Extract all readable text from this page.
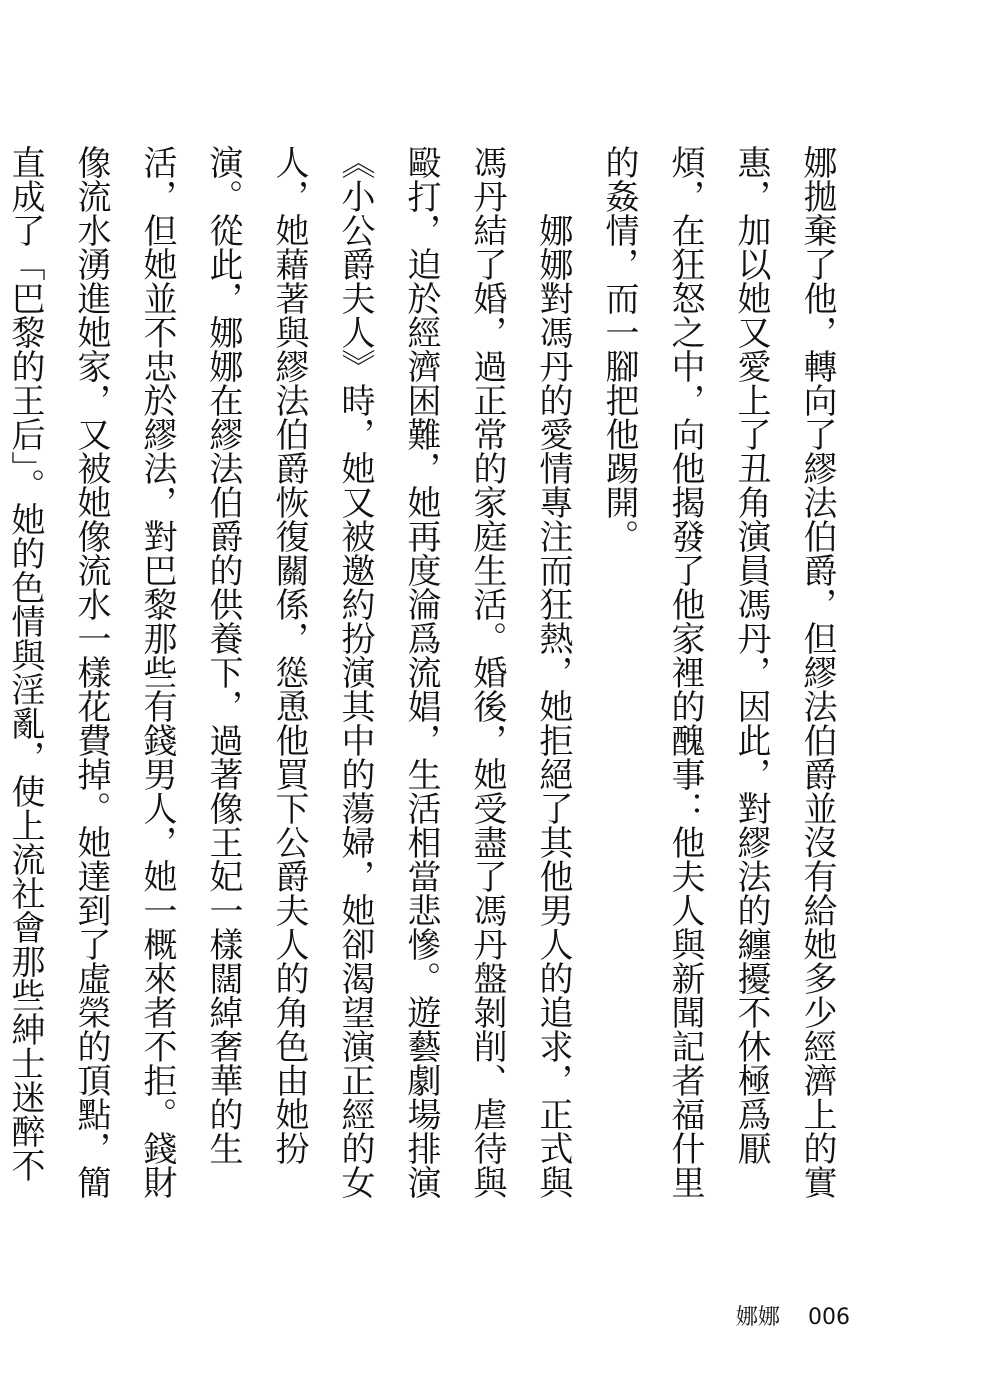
娜拋棄了他，轉向了繆法伯爵，但繆法伯爵並沒有給她多少經濟上的實惠，加以她又愛上了丑角演員馮丹，因此，對繆法的纏擾不休極爲厭煩，在狂怒之中，向他揭發了他家裡的醜事：他夫人與新聞記者福什里的姦情，而一腳把他踢開。

娜娜對馮丹的愛情專注而狂熱，她拒絕了其他男人的追求，正式與馮丹結了婚，過正常的家庭生活。婚後，她受盡了馮丹盤剝削、虐待與毆打，迫於經濟困難，她再度淪爲流娼，生活相當悲慘。遊藝劇場排演《小公爵夫人》時，她又被邀約扮演其中的蕩婦，她卻渴望演正經的女人，她藉著與繆法伯爵恢復關係，慫恿他買下公爵夫人的角色由她扮演。從此，娜娜在繆法伯爵的供養下，過著像王妃一樣闊綽奢華的生活，但她並不忠於繆法，對巴黎那些有錢男人，她一概來者不拒。錢財像流水湧進她家，又被她像流水一樣花費掉。她達到了虛榮的頂點，簡直成了「巴黎的王后」。她的色情與淫亂，使上流社會那些紳士迷醉不

娜娜 006
